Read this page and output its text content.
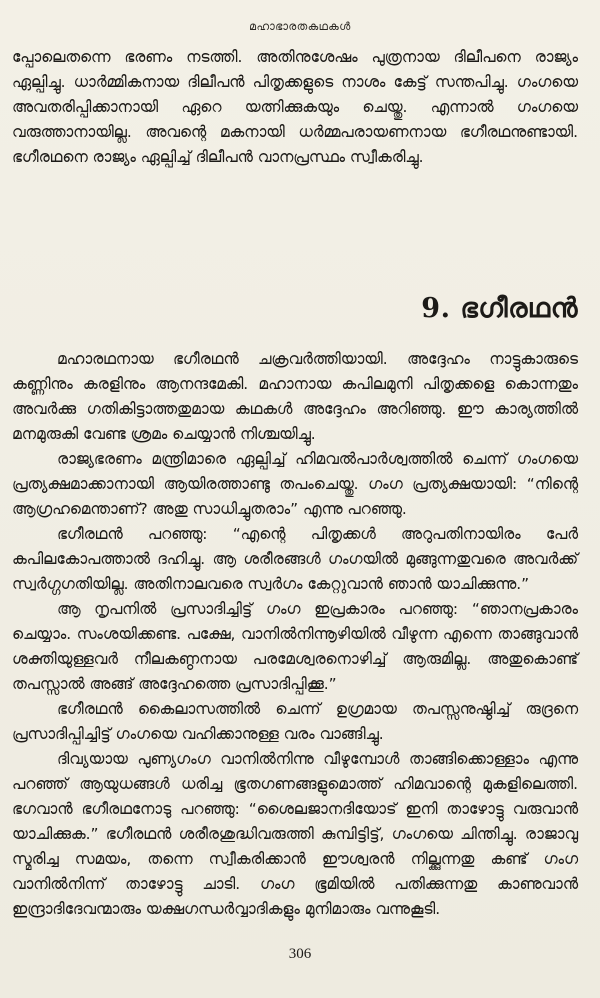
മഹാഭാരതകഥകൾ

പ്പോലെതന്നെ ഭരണം നടത്തി. അതിനുശേഷം പുത്രനായ ദിലീപനെ രാജ്യം ഏല്പിച്ചു. ധാർമ്മികനായ ദിലീപൻ പിതൃക്കളുടെ നാശം കേട്ട് സന്തപിച്ചു. ഗംഗയെ അവതരിപ്പിക്കാനായി ഏറെ യത്നിക്കുകയും ചെയ്തു. എന്നാൽ ഗംഗയെ വരുത്താനായില്ല. അവന്റെ മകനായി ധർമ്മപരായണനായ ഭഗീരഥനുണ്ടായി. ഭഗീരഥനെ രാജ്യം ഏല്പിച്ച് ദിലീപൻ വാനപ്രസ്ഥം സ്വീകരിച്ചു.

9. ഭഗീരഥൻ

മഹാരഥനായ ഭഗീരഥൻ ചക്രവർത്തിയായി. അദ്ദേഹം നാട്ടുകാരുടെ കണ്ണിനും കരളിനും ആനന്ദമേകി. മഹാനായ കപിലമുനി പിതൃക്കളെ കൊന്നതും അവർക്കു ഗതികിട്ടാത്തതുമായ കഥകൾ അദ്ദേഹം അറിഞ്ഞു. ഈ കാര്യത്തിൽ മനമുരുകി വേണ്ട ശ്രമം ചെയ്യാൻ നിശ്ചയിച്ചു.

രാജ്യഭരണം മന്ത്രിമാരെ ഏല്പിച്ച് ഹിമവൽപാർശ്വത്തിൽ ചെന്ന് ഗംഗയെ പ്രത്യക്ഷമാക്കാനായി ആയിരത്താണ്ടു തപംചെയ്തു. ഗംഗ പ്രത്യക്ഷയായി: “നിന്റെ ആഗ്രഹമെന്താണ്? അതു സാധിച്ചുതരാം” എന്നു പറഞ്ഞു.

ഭഗീരഥൻ പറഞ്ഞു: “എന്റെ പിതൃക്കൾ അറുപതിനായിരം പേർ കപിലകോപത്താൽ ദഹിച്ചു. ആ ശരീരങ്ങൾ ഗംഗയിൽ മുങ്ങുന്നതുവരെ അവർക്ക് സ്വർഗ്ഗഗതിയില്ല. അതിനാലവരെ സ്വർഗം കേറ്റുവാൻ ഞാൻ യാചിക്കുന്നു.”

ആ നൃപനിൽ പ്രസാദിച്ചിട്ട് ഗംഗ ഇപ്രകാരം പറഞ്ഞു: “ഞാനപ്രകാരം ചെയ്യാം. സംശയിക്കണ്ട. പക്ഷേ, വാനിൽനിന്നൂഴിയിൽ വീഴുന്ന എന്നെ താങ്ങുവാൻ ശക്തിയുള്ളവർ നീലകണ്ഠനായ പരമേശ്വരനൊഴിച്ച് ആരുമില്ല. അതുകൊണ്ട് തപസ്സാൽ അങ്ങ് അദ്ദേഹത്തെ പ്രസാദിപ്പിക്കൂ.”

ഭഗീരഥൻ കൈലാസത്തിൽ ചെന്ന് ഉഗ്രമായ തപസ്സനുഷ്ഠിച്ച് രുദ്രനെ പ്രസാദിപ്പിച്ചിട്ട് ഗംഗയെ വഹിക്കാനുള്ള വരം വാങ്ങിച്ചു.

ദിവ്യയായ പുണ്യഗംഗ വാനിൽനിന്നു വീഴുമ്പോൾ താങ്ങിക്കൊള്ളാം എന്നു പറഞ്ഞ് ആയുധങ്ങൾ ധരിച്ച ഭൂതഗണങ്ങളുമൊത്ത് ഹിമവാന്റെ മുകളിലെത്തി. ഭഗവാൻ ഭഗീരഥനോടു പറഞ്ഞു: “ശൈലജാനദിയോട് ഇനി താഴോട്ടു വരുവാൻ യാചിക്കുക.” ഭഗീരഥൻ ശരീരശുദ്ധിവരുത്തി കുമ്പിട്ടിട്ട്, ഗംഗയെ ചിന്തിച്ചു. രാജാവു സ്മരിച്ച സമയം, തന്നെ സ്വീകരിക്കാൻ ഈശ്വരൻ നില്ക്കുന്നതു കണ്ട് ഗംഗ വാനിൽനിന്ന് താഴോട്ടു ചാടി. ഗംഗ ഭൂമിയിൽ പതിക്കുന്നതു കാണുവാൻ ഇന്ദ്രാദിദേവന്മാരും യക്ഷഗന്ധർവ്വാദികളും മുനിമാരും വന്നുകൂടി.

306
